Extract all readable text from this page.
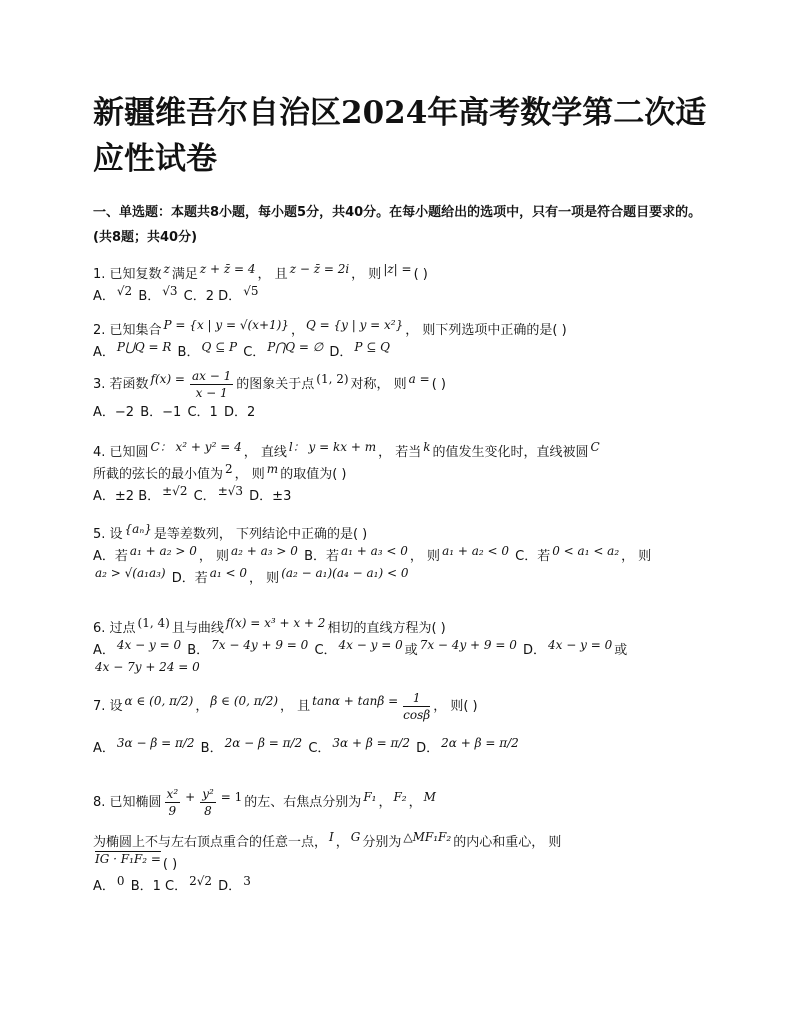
新疆维吾尔自治区2024年高考数学第二次适应性试卷

一、单选题：本题共8小题，每小题5分，共40分。在每小题给出的选项中，只有一项是符合题目要求的。(共8题；共40分)

1. 已知复数 z 满足 z + z̄ = 4 ， 且 z − z̄ = 2i ， 则 |z| = ( )
A． √2 B． √3 C．2 D． √5
2. 已知集合 P = {x | y = √(x+1)} ， Q = {y | y = x²} ， 则下列选项中正确的是( )
A． P⋃Q = R B． Q ⊆ P C． P⋂Q = ∅ D． P ⊆ Q
3. 若函数 $f(x) = \frac{ax - 1}{x - 1}$ 的图象关于点 (1, 2) 对称， 则 a = ( )
A．−2 B．−1 C．1 D．2
4. 已知圆 C： x² + y² = 4 ， 直线 l： y = kx + m ， 若当 k 的值发生变化时，直线被圆 C
所截的弦长的最小值为 2 ， 则 m 的取值为( )
A．±2 B． ±√2 C． ±√3 D．±3
5. 设 {aₙ} 是等差数列， 下列结论中正确的是( )
A．若 a₁ + a₂ > 0 ， 则 a₂ + a₃ > 0 B．若 a₁ + a₃ < 0 ， 则 a₁ + a₂ < 0 C．若 0 < a₁ < a₂ ， 则
a₂ > √(a₁a₃) D．若 a₁ < 0 ， 则 (a₂ − a₁)(a₄ − a₁) < 0
6. 过点 (1, 4) 且与曲线 f(x) = x³ + x + 2 相切的直线方程为( )
A． 4x − y = 0 B． 7x − 4y + 9 = 0 C． 4x − y = 0 或 7x − 4y + 9 = 0 D． 4x − y = 0 或
4x − 7y + 24 = 0
7. 设 α ∈ (0, π/2) ， β ∈ (0, π/2) ， 且 $\tan\alpha + \tan\beta = \frac{1}{\cos\beta}$ ， 则( )
A． 3α − β = π/2 B． 2α − β = π/2 C． 3α + β = π/2 D． 2α + β = π/2
8. 已知椭圆 $\frac{\text{x²}}{9} + \frac{\text{y²}}{8} = 1$ 的左、右焦点分别为 F₁ ， F₂ ， M
为椭圆上不与左右顶点重合的任意一点， I ， G 分别为 △MF₁F₂ 的内心和重心， 则
IG · F₁F₂ = ( )
A． 0 B．1 C． 2√2 D． 3
